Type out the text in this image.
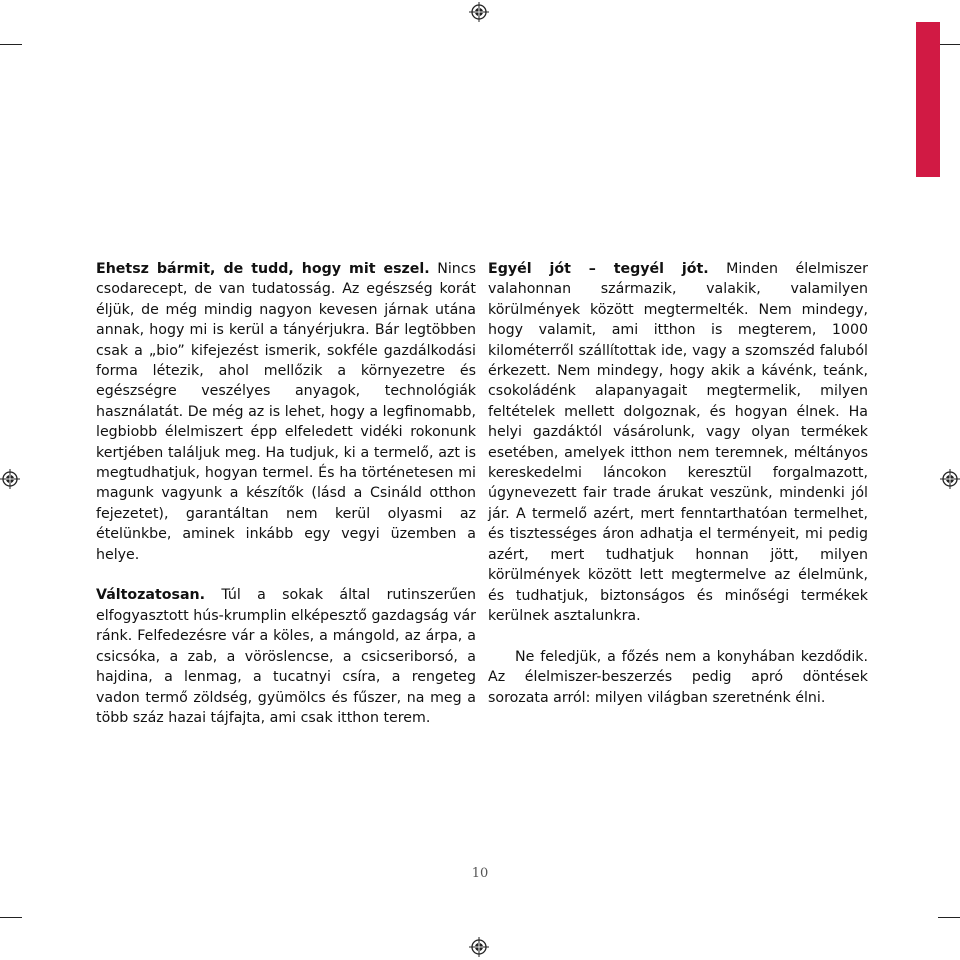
Ehetsz bármit, de tudd, hogy mit eszel. Nincs csodarecept, de van tudatosság. Az egészség korát éljük, de még mindig nagyon kevesen járnak utána annak, hogy mi is kerül a tányérjukra. Bár legtöbben csak a „bio” kifejezést ismerik, sokféle gazdálkodási forma létezik, ahol mellőzik a környezetre és egészségre veszélyes anyagok, technológiák használatát. De még az is lehet, hogy a legfinomabb, legbiobb élelmiszert épp elfeledett vidéki rokonunk kertjében találjuk meg. Ha tudjuk, ki a termelő, azt is megtudhatjuk, hogyan termel. És ha történetesen mi magunk vagyunk a készítők (lásd a Csináld otthon fejezetet), garantáltan nem kerül olyasmi az ételünkbe, aminek inkább egy vegyi üzemben a helye.

Változatosan. Túl a sokak által rutinszerűen elfogyasztott hús-krumplin elképesztő gazdagság vár ránk. Felfedezésre vár a köles, a mángold, az árpa, a csicsóka, a zab, a vöröslencse, a csicseriborsó, a hajdina, a lenmag, a tucatnyi csíra, a rengeteg vadon termő zöldség, gyümölcs és fűszer, na meg a több száz hazai tájfajta, ami csak itthon terem.

Egyél jót – tegyél jót. Minden élelmiszer valahonnan származik, valakik, valamilyen körülmények között megtermelték. Nem mindegy, hogy valamit, ami itthon is megterem, 1000 kilométerről szállítottak ide, vagy a szomszéd faluból érkezett. Nem mindegy, hogy akik a kávénk, teánk, csokoládénk alapanyagait megtermelik, milyen feltételek mellett dolgoznak, és hogyan élnek. Ha helyi gazdáktól vásárolunk, vagy olyan termékek esetében, amelyek itthon nem teremnek, méltányos kereskedelmi láncokon keresztül forgalmazott, úgynevezett fair trade árukat veszünk, mindenki jól jár. A termelő azért, mert fenntarthatóan termelhet, és tisztességes áron adhatja el terményeit, mi pedig azért, mert tudhatjuk honnan jött, milyen körülmények között lett megtermelve az élelmünk, és tudhatjuk, biztonságos és minőségi termékek kerülnek asztalunkra.

Ne feledjük, a főzés nem a konyhában kezdődik. Az élelmiszer-beszerzés pedig apró döntések sorozata arról: milyen világban szeretnénk élni.

10
